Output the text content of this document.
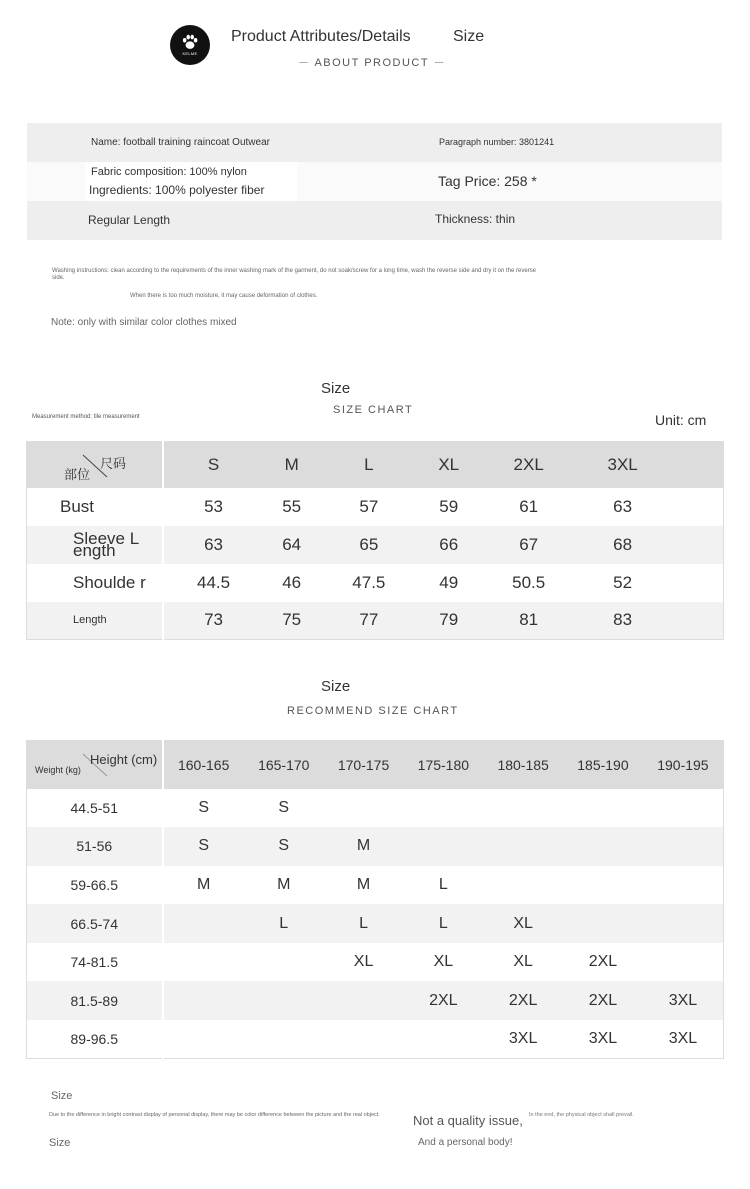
KELME
Product Attributes/Details	Size
－ ABOUT PRODUCT －
Name: football training raincoat Outwear	Paragraph number: 3801241
Fabric composition: 100% nylon
Ingredients: 100% polyester fiber
Tag Price: 258 *
Regular Length	Thickness: thin
Washing instructions: clean according to the requirements of the inner washing mark of the garment, do not soak/screw for a long time, wash the reverse side and dry it on the reverse side.
When there is too much moisture, it may cause deformation of clothes.
Note: only with similar color clothes mixed
Size
SIZE CHART
Measurement method: tile measurement	Unit: cm
部位
尺码	S	M	L	XL	2XL	3XL	
Bust	53	55	57	59	61	63	
Sleeve L ength	63	64	65	66	67	68	
Shoulde r	44.5	46	47.5	49	50.5	52	
Length	73	75	77	79	81	83	
Size
RECOMMEND SIZE CHART
Weight (kg)
Height (cm)	160-165	165-170	170-175	175-180	180-185	185-190	190-195
44.5-51	S	S					
51-56	S	S	M				
59-66.5	M	M	M	L			
66.5-74		L	L	L	XL		
74-81.5			XL	XL	XL	2XL	
81.5-89				2XL	2XL	2XL	3XL
89-96.5					3XL	3XL	3XL
Size
Due to the difference in bright contrast display of personal display, there may be color difference between the picture and the real object.
Size
Not a quality issue, In the end, the physical object shall prevail.
And a personal body!
